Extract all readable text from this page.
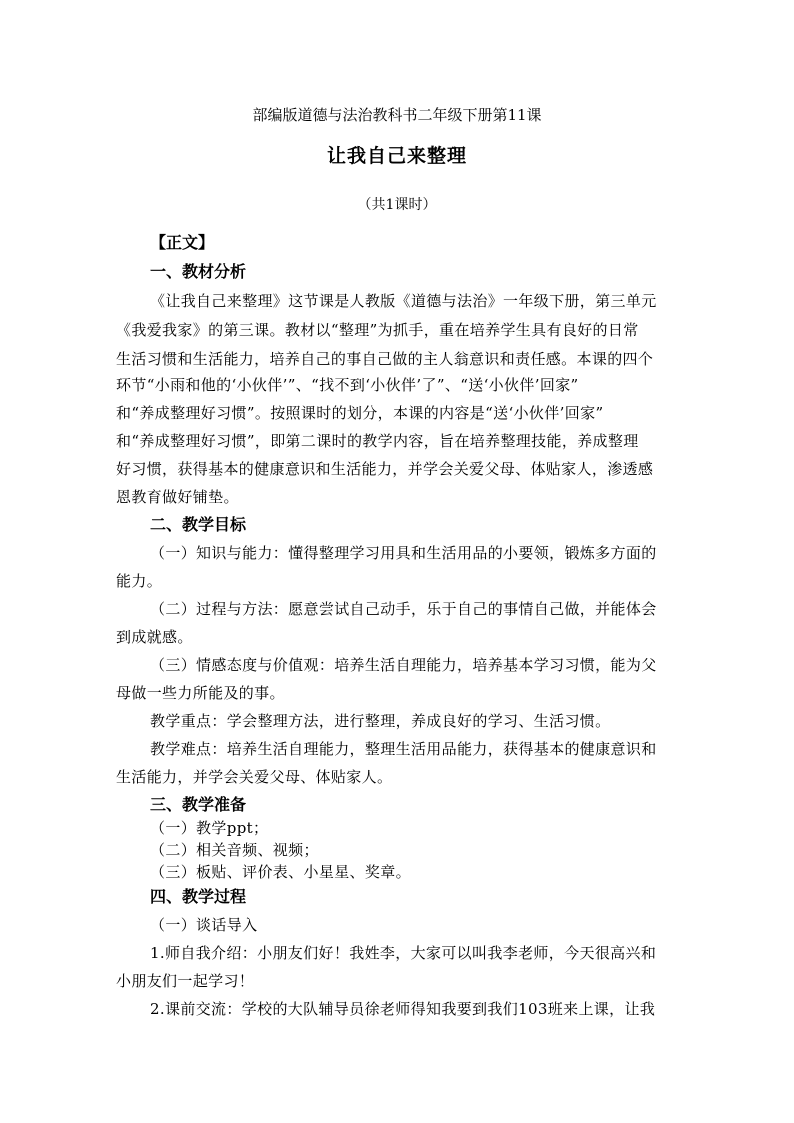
部编版道德与法治教科书二年级下册第11课
让我自己来整理
（共1课时）
【正文】
一、教材分析
《让我自己来整理》这节课是人教版《道德与法治》一年级下册，第三单元
《我爱我家》的第三课。教材以“整理”为抓手，重在培养学生具有良好的日常
生活习惯和生活能力，培养自己的事自己做的主人翁意识和责任感。本课的四个
环节“小雨和他的‘小伙伴’”、“找不到‘小伙伴’了”、“送‘小伙伴’回家”
和“养成整理好习惯”。按照课时的划分，本课的内容是“送‘小伙伴’回家”
和“养成整理好习惯”，即第二课时的教学内容，旨在培养整理技能，养成整理
好习惯，获得基本的健康意识和生活能力，并学会关爱父母、体贴家人，渗透感
恩教育做好铺垫。
二、教学目标
（一）知识与能力：懂得整理学习用具和生活用品的小要领，锻炼多方面的
能力。
（二）过程与方法：愿意尝试自己动手，乐于自己的事情自己做，并能体会
到成就感。
（三）情感态度与价值观：培养生活自理能力，培养基本学习习惯，能为父
母做一些力所能及的事。
教学重点：学会整理方法，进行整理，养成良好的学习、生活习惯。
教学难点：培养生活自理能力，整理生活用品能力，获得基本的健康意识和
生活能力，并学会关爱父母、体贴家人。
三、教学准备
（一）教学ppt；
（二）相关音频、视频；
（三）板贴、评价表、小星星、奖章。
四、教学过程
（一）谈话导入
1.师自我介绍：小朋友们好！我姓李，大家可以叫我李老师，今天很高兴和
小朋友们一起学习！
2.课前交流：学校的大队辅导员徐老师得知我要到我们103班来上课，让我
